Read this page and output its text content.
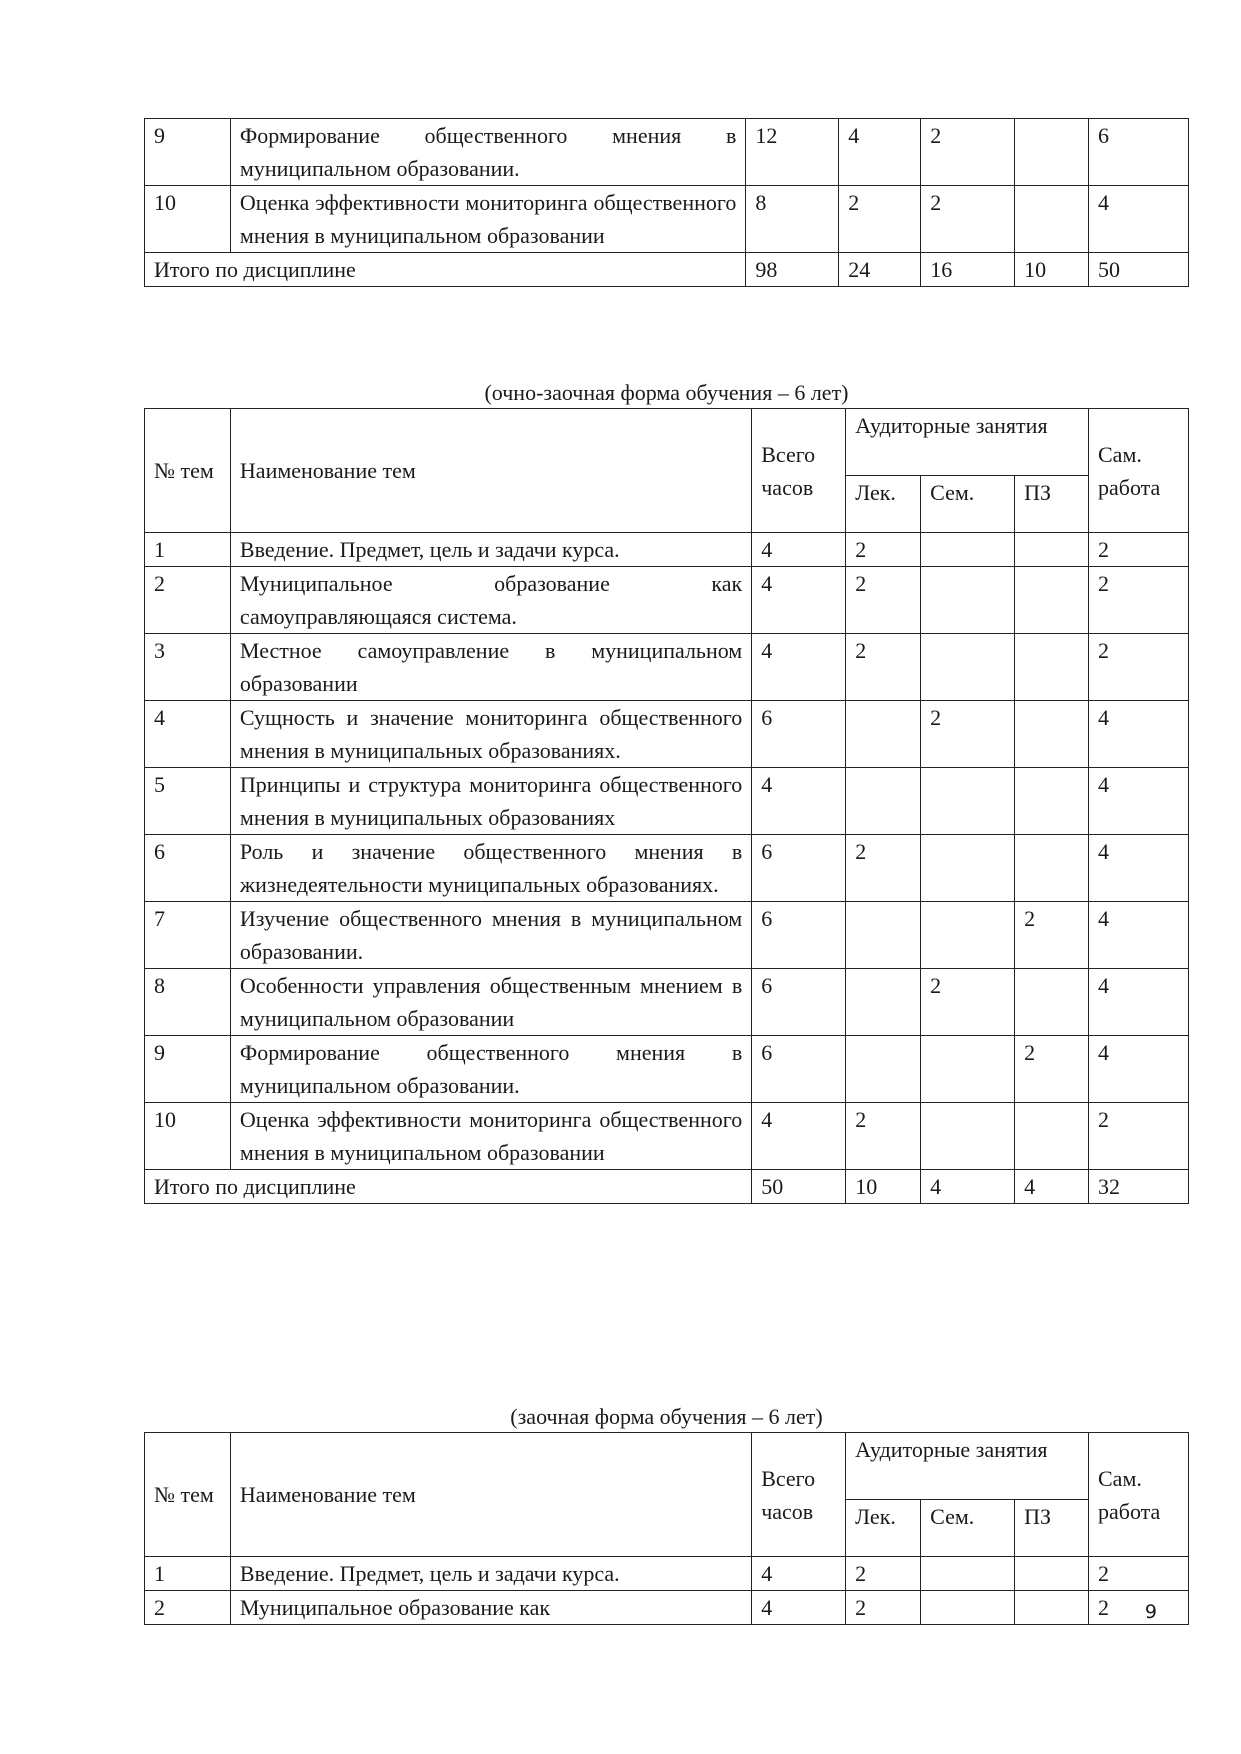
9	Формирование общественного мнения в муниципальном образовании.	12	4	2		6
10	Оценка эффективности мониторинга общественного мнения в муниципальном образовании	8	2	2		4
Итого по дисциплине		98	24	16	10	50
(очно-заочная форма обучения – 6 лет)
№ тем	Наименование тем	Всего часов	Аудиторные занятия			Сам. работа
			Лек.	Сем.	ПЗ	
1	Введение. Предмет, цель и задачи курса.	4	2			2
2	Муниципальное образование как самоуправляющаяся система.	4	2			2
3	Местное самоуправление в муниципальном образовании	4	2			2
4	Сущность и значение мониторинга общественного мнения в муниципальных образованиях.	6		2		4
5	Принципы и структура мониторинга общественного мнения в муниципальных образованиях	4				4
6	Роль и значение общественного мнения в жизнедеятельности муниципальных образованиях.	6	2			4
7	Изучение общественного мнения в муниципальном образовании.	6			2	4
8	Особенности управления общественным мнением в муниципальном образовании	6		2		4
9	Формирование общественного мнения в муниципальном образовании.	6			2	4
10	Оценка эффективности мониторинга общественного мнения в муниципальном образовании	4	2			2
Итого по дисциплине		50	10	4	4	32
(заочная форма обучения – 6 лет)
№ тем	Наименование тем	Всего часов	Аудиторные занятия			Сам. работа
			Лек.	Сем.	ПЗ	
1	Введение. Предмет, цель и задачи курса.	4	2			2
2	Муниципальное образование как	4	2			2 9
